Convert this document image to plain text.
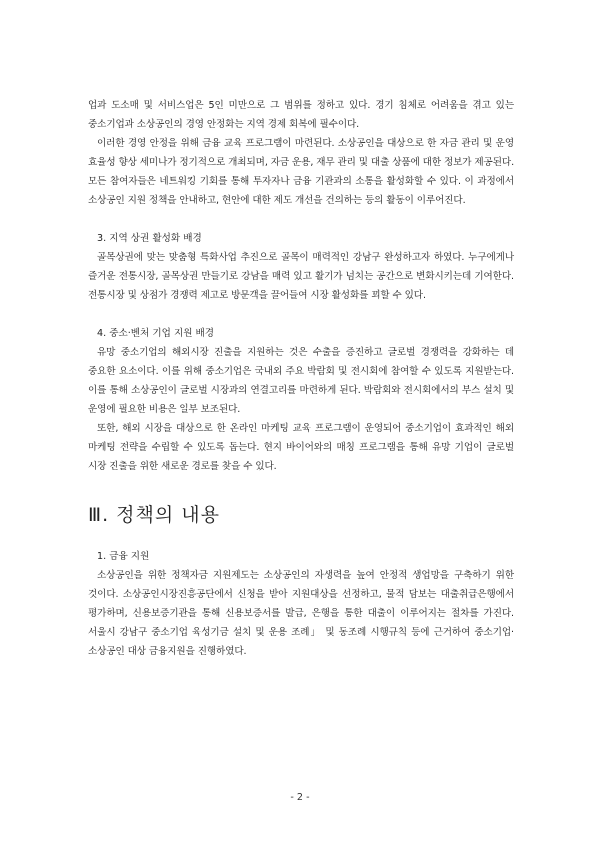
업과 도소매 및 서비스업은 5인 미만으로 그 범위를 정하고 있다. 경기 침체로 어려움을 겪고 있는 중소기업과 소상공인의 경영 안정화는 지역 경제 회복에 필수이다.

이러한 경영 안정을 위해 금융 교육 프로그램이 마련된다. 소상공인을 대상으로 한 자금 관리 및 운영 효율성 향상 세미나가 정기적으로 개최되며, 자금 운용, 재무 관리 및 대출 상품에 대한 정보가 제공된다. 모든 참여자들은 네트워킹 기회를 통해 투자자나 금융 기관과의 소통을 활성화할 수 있다. 이 과정에서 소상공인 지원 정책을 안내하고, 현안에 대한 제도 개선을 건의하는 등의 활동이 이루어진다.

3. 지역 상권 활성화 배경

골목상권에 맞는 맞춤형 특화사업 추진으로 골목이 매력적인 강남구 완성하고자 하였다. 누구에게나 즐거운 전통시장, 골목상권 만들기로 강남을 매력 있고 활기가 넘치는 공간으로 변화시키는데 기여한다. 전통시장 및 상점가 경쟁력 제고로 방문객을 끌어들여 시장 활성화를 꾀할 수 있다.

4. 중소·벤처 기업 지원 배경

유망 중소기업의 해외시장 진출을 지원하는 것은 수출을 증진하고 글로벌 경쟁력을 강화하는 데 중요한 요소이다. 이를 위해 중소기업은 국내외 주요 박람회 및 전시회에 참여할 수 있도록 지원받는다. 이를 통해 소상공인이 글로벌 시장과의 연결고리를 마련하게 된다. 박람회와 전시회에서의 부스 설치 및 운영에 필요한 비용은 일부 보조된다.

또한, 해외 시장을 대상으로 한 온라인 마케팅 교육 프로그램이 운영되어 중소기업이 효과적인 해외 마케팅 전략을 수립할 수 있도록 돕는다. 현지 바이어와의 매칭 프로그램을 통해 유망 기업이 글로벌 시장 진출을 위한 새로운 경로를 찾을 수 있다.

Ⅲ. 정책의 내용

1. 금융 지원

소상공인을 위한 정책자금 지원제도는 소상공인의 자생력을 높여 안정적 생업망을 구축하기 위한 것이다. 소상공인시장진흥공단에서 신청을 받아 지원대상을 선정하고, 물적 담보는 대출취급은행에서 평가하며, 신용보증기관을 통해 신용보증서를 발급, 은행을 통한 대출이 이루어지는 절차를 가진다. 서울시 강남구 중소기업 육성기금 설치 및 운용 조례」 및 동조례 시행규칙 등에 근거하여 중소기업·소상공인 대상 금융지원을 진행하였다.

- 2 -
